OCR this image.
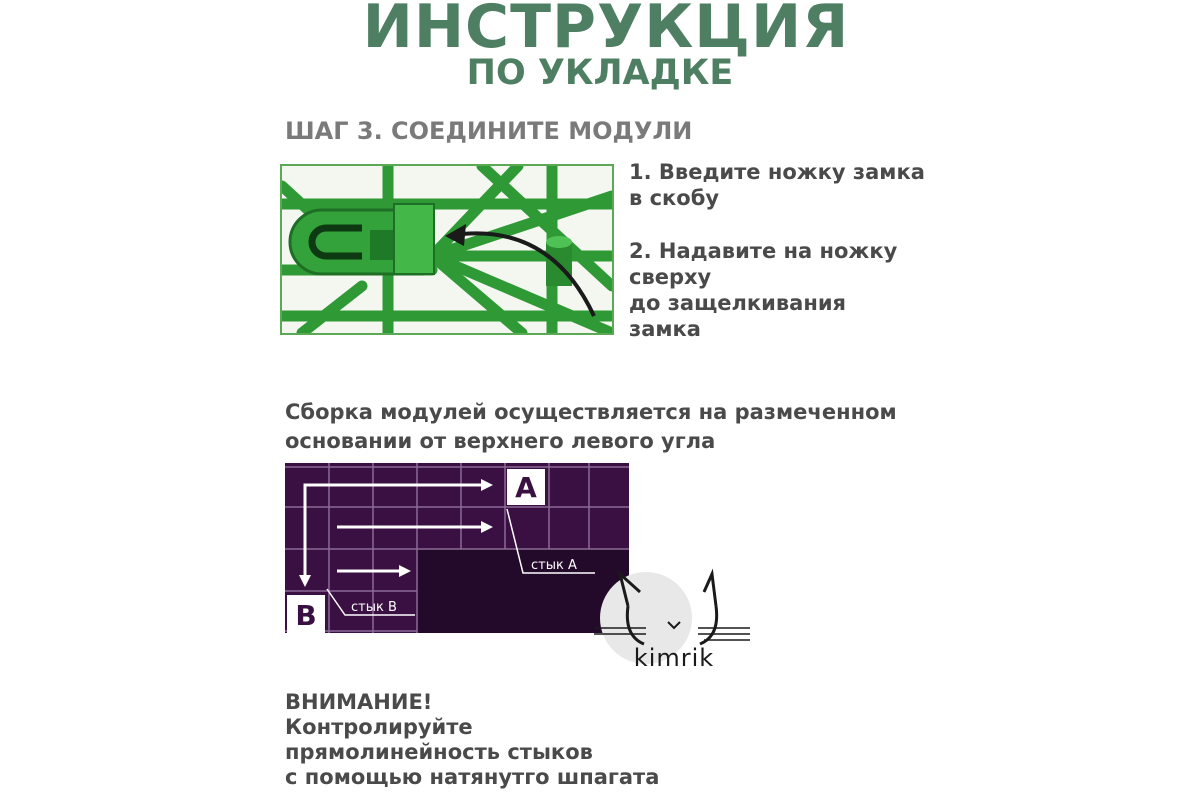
ИНСТРУКЦИЯ
ПО УКЛАДКЕ
ШАГ 3. СОЕДИНИТЕ МОДУЛИ
1. Введите ножку замка
в скобу
2. Надавите на ножку
сверху
до защелкивания
замка
Сборка модулей осуществляется на размеченном
основании от верхнего левого угла
A
B
стык А
стык В
kimrik
ВНИМАНИЕ!
Контролируйте
прямолинейность стыков
с помощью натянутго шпагата
